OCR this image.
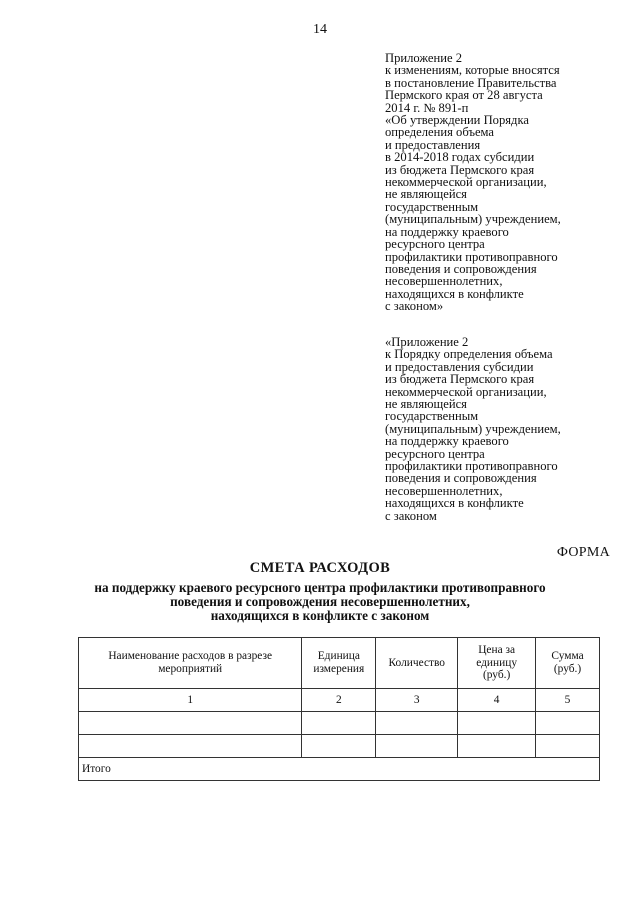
14
Приложение 2
к изменениям, которые вносятся
в постановление Правительства
Пермского края от 28 августа
2014 г. № 891-п
«Об утверждении Порядка
определения объема
и предоставления
в 2014-2018 годах субсидии
из бюджета Пермского края
некоммерческой организации,
не являющейся
государственным
(муниципальным) учреждением,
на поддержку краевого
ресурсного центра
профилактики противоправного
поведения и сопровождения
несовершеннолетних,
находящихся в конфликте
с законом»
«Приложение 2
к Порядку определения объема
и предоставления субсидии
из бюджета Пермского края
некоммерческой организации,
не являющейся
государственным
(муниципальным) учреждением,
на поддержку краевого
ресурсного центра
профилактики противоправного
поведения и сопровождения
несовершеннолетних,
находящихся в конфликте
с законом
ФОРМА
СМЕТА РАСХОДОВ
на поддержку краевого ресурсного центра профилактики противоправного
поведения и сопровождения несовершеннолетних,
находящихся в конфликте с законом
Наименование расходов в разрезе мероприятий	Единица измерения	Количество	Цена за единицу (руб.)	Сумма (руб.)
1	2	3	4	5

Итого				
